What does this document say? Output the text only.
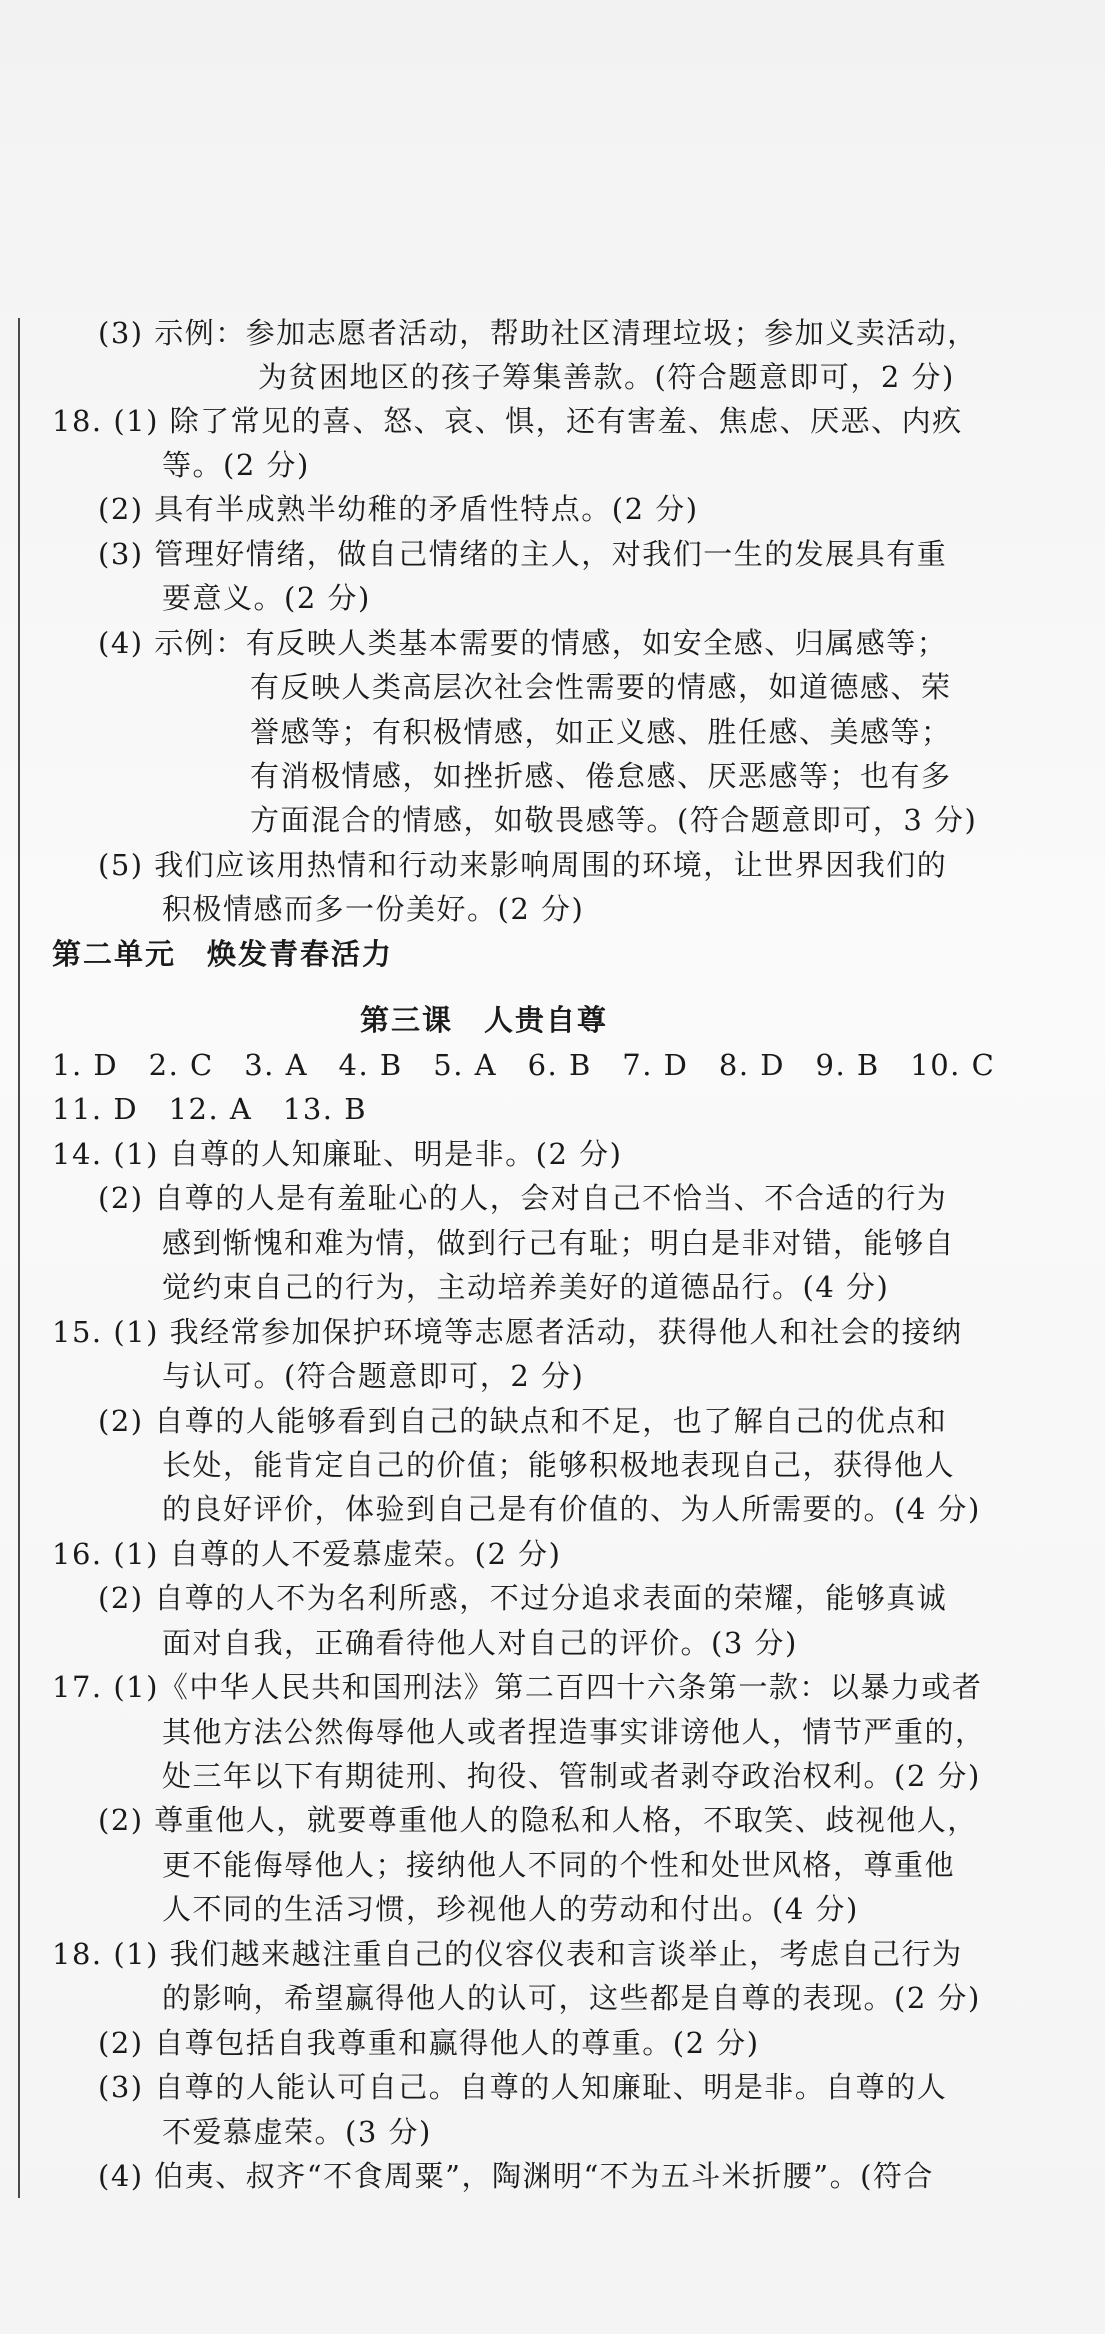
(3) 示例：参加志愿者活动，帮助社区清理垃圾；参加义卖活动，
为贫困地区的孩子筹集善款。(符合题意即可，2 分)
18. (1) 除了常见的喜、怒、哀、惧，还有害羞、焦虑、厌恶、内疚
等。(2 分)
(2) 具有半成熟半幼稚的矛盾性特点。(2 分)
(3) 管理好情绪，做自己情绪的主人，对我们一生的发展具有重
要意义。(2 分)
(4) 示例：有反映人类基本需要的情感，如安全感、归属感等；
有反映人类高层次社会性需要的情感，如道德感、荣
誉感等；有积极情感，如正义感、胜任感、美感等；
有消极情感，如挫折感、倦怠感、厌恶感等；也有多
方面混合的情感，如敬畏感等。(符合题意即可，3 分)
(5) 我们应该用热情和行动来影响周围的环境，让世界因我们的
积极情感而多一份美好。(2 分)
第二单元　焕发青春活力
第三课　人贵自尊
1. D　2. C　3. A　4. B　5. A　6. B　7. D　8. D　9. B　10. C
11. D　12. A　13. B
14. (1) 自尊的人知廉耻、明是非。(2 分)
(2) 自尊的人是有羞耻心的人，会对自己不恰当、不合适的行为
感到惭愧和难为情，做到行己有耻；明白是非对错，能够自
觉约束自己的行为，主动培养美好的道德品行。(4 分)
15. (1) 我经常参加保护环境等志愿者活动，获得他人和社会的接纳
与认可。(符合题意即可，2 分)
(2) 自尊的人能够看到自己的缺点和不足，也了解自己的优点和
长处，能肯定自己的价值；能够积极地表现自己，获得他人
的良好评价，体验到自己是有价值的、为人所需要的。(4 分)
16. (1) 自尊的人不爱慕虚荣。(2 分)
(2) 自尊的人不为名利所惑，不过分追求表面的荣耀，能够真诚
面对自我，正确看待他人对自己的评价。(3 分)
17. (1)《中华人民共和国刑法》第二百四十六条第一款：以暴力或者
其他方法公然侮辱他人或者捏造事实诽谤他人，情节严重的，
处三年以下有期徒刑、拘役、管制或者剥夺政治权利。(2 分)
(2) 尊重他人，就要尊重他人的隐私和人格，不取笑、歧视他人，
更不能侮辱他人；接纳他人不同的个性和处世风格，尊重他
人不同的生活习惯，珍视他人的劳动和付出。(4 分)
18. (1) 我们越来越注重自己的仪容仪表和言谈举止，考虑自己行为
的影响，希望赢得他人的认可，这些都是自尊的表现。(2 分)
(2) 自尊包括自我尊重和赢得他人的尊重。(2 分)
(3) 自尊的人能认可自己。自尊的人知廉耻、明是非。自尊的人
不爱慕虚荣。(3 分)
(4) 伯夷、叔齐“不食周粟”，陶渊明“不为五斗米折腰”。(符合
